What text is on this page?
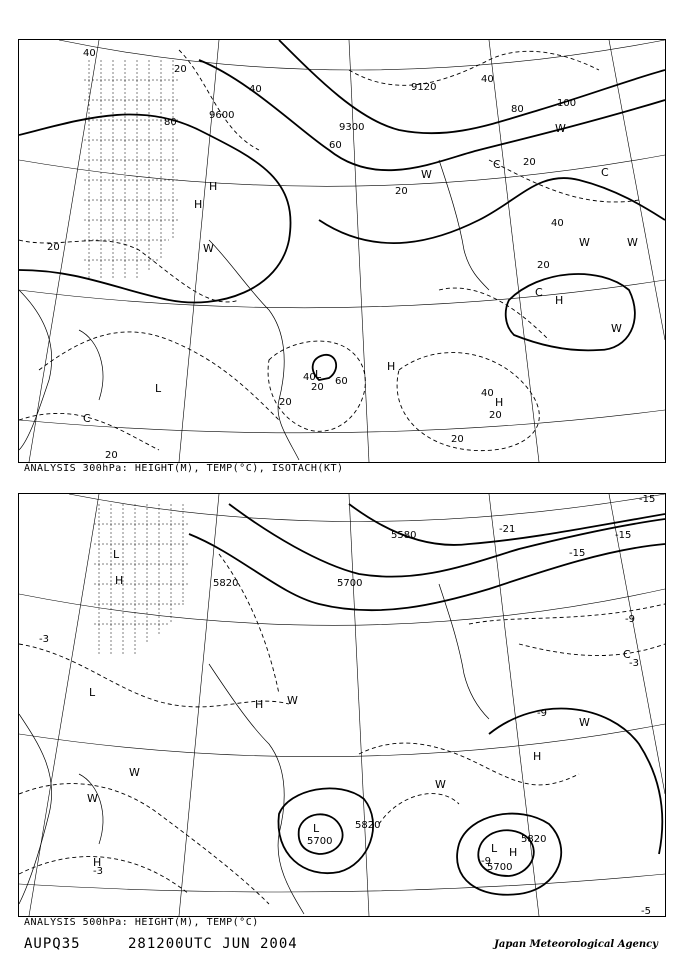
9120
9600
9300
40
20
40
80
60
80
100
40
20
20
40
20
20
40 60
20
20
20
40
20
20
H
H
C
C
W
W	W
H
W
C
L
C
H
H
W
L
W
ANALYSIS 300hPa: HEIGHT(M), TEMP(°C), ISOTACH(KT)
5580
5820	5700
5820
5700	5820
5700
-15
-15
-21
-15
-9
-3
-9
-3
-3
-9
-5
L
H
L
H W
W
H
W
C
W
H
H
L
L
W
ANALYSIS 500hPa: HEIGHT(M), TEMP(°C)
AUPQ35	281200UTC JUN 2004	Japan Meteorological Agency
